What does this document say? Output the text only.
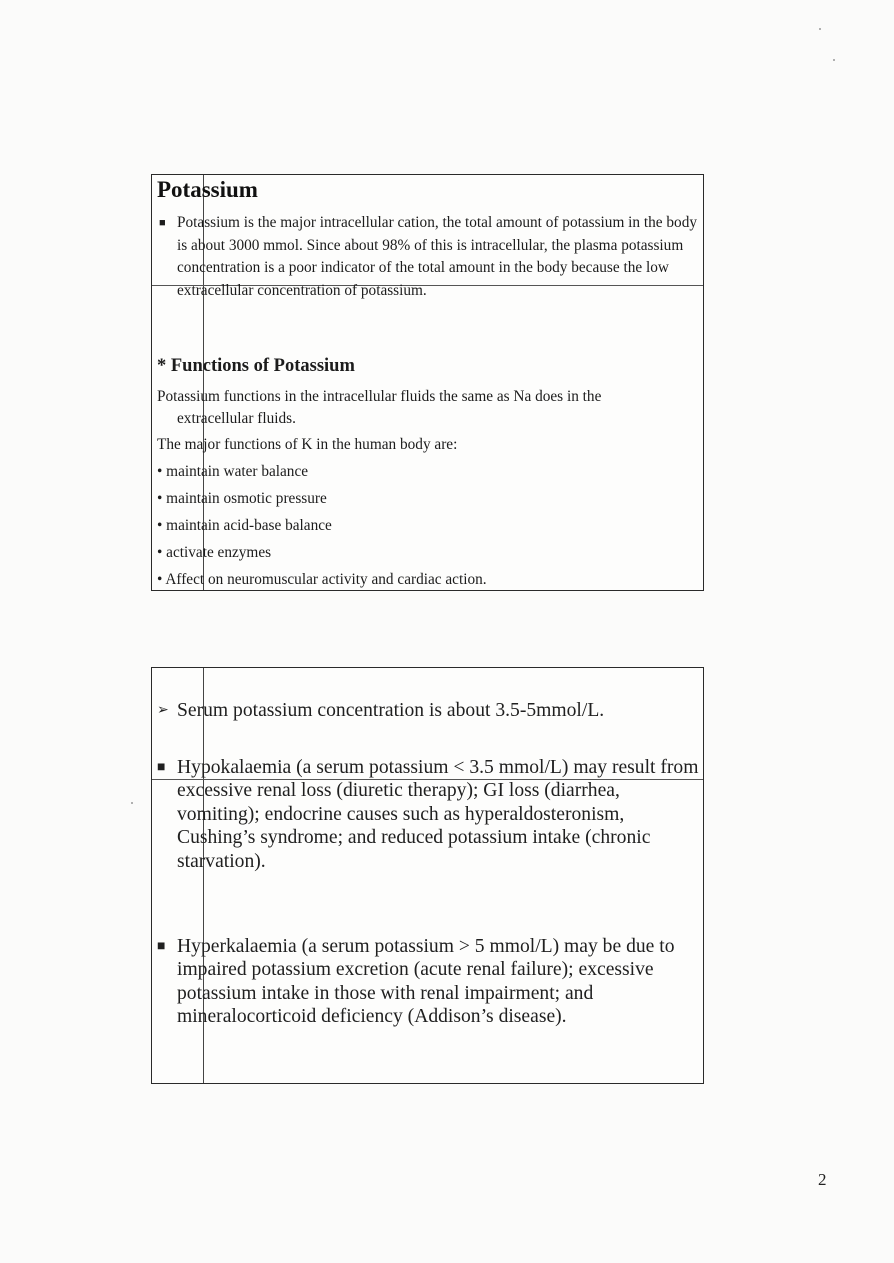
Potassium
■ Potassium is the major intracellular cation, the total amount of potassium in the body is about 3000 mmol. Since about 98% of this is intracellular, the plasma potassium concentration is a poor indicator of the total amount in the body because the low extracellular concentration of potassium.
* Functions of Potassium
Potassium functions in the intracellular fluids the same as Na does in the
extracellular fluids.
The major functions of K in the human body are:
• maintain water balance
• maintain osmotic pressure
• maintain acid-base balance
• activate enzymes
• Affect on neuromuscular activity and cardiac action.
➢ Serum potassium concentration is about 3.5-5mmol/L.
■ Hypokalaemia (a serum potassium < 3.5 mmol/L) may result from excessive renal loss (diuretic therapy); GI loss (diarrhea, vomiting); endocrine causes such as hyperaldosteronism, Cushing’s syndrome; and reduced potassium intake (chronic starvation).
■ Hyperkalaemia (a serum potassium > 5 mmol/L) may be due to impaired potassium excretion (acute renal failure); excessive potassium intake in those with renal impairment; and mineralocorticoid deficiency (Addison’s disease).
2
